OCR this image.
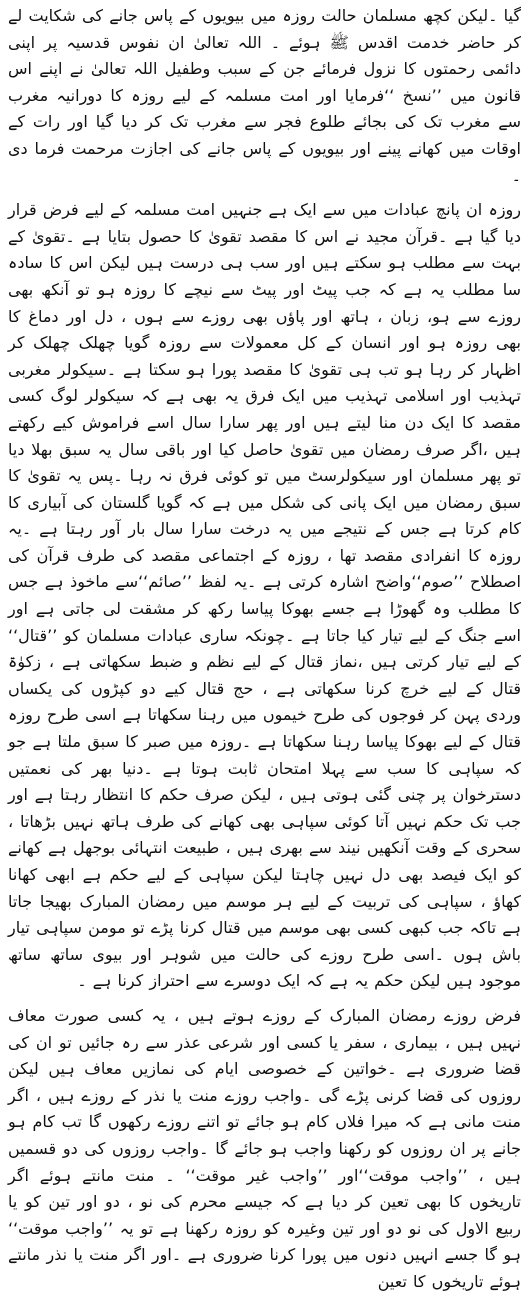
گیا ۔لیکن کچھ مسلمان حالت روزہ میں بیویوں کے پاس جانے کی شکایت لے کر حاضر خدمت اقدس ﷺ ہوئے ۔ اللہ تعالیٰ ان نفوس قدسیہ پر اپنی دائمی رحمتوں کا نزول فرمائے جن کے سبب وطفیل اللہ تعالیٰ نے اپنے اس قانون میں ’’نسخ ‘‘فرمایا اور امت مسلمہ کے لیے روزہ کا دورانیہ مغرب سے مغرب تک کی بجائے طلوع فجر سے مغرب تک کر دیا گیا اور رات کے اوقات میں کھانے پینے اور بیویوں کے پاس جانے کی اجازت مرحمت فرما دی ۔

روزہ ان پانچ عبادات میں سے ایک ہے جنہیں امت مسلمہ کے لیے فرض قرار دیا گیا ہے ۔قرآن مجید نے اس کا مقصد تقویٰ کا حصول بتایا ہے ۔تقویٰ کے بہت سے مطلب ہو سکتے ہیں اور سب ہی درست ہیں لیکن اس کا سادہ سا مطلب یہ ہے کہ جب پیٹ اور پیٹ سے نیچے کا روزہ ہو تو آنکھ بھی روزے سے ہو، زبان ، ہاتھ اور پاؤں بھی روزے سے ہوں ، دل اور دماغ کا بھی روزہ ہو اور انسان کے کل معمولات سے روزہ گویا چھلک چھلک کر اظہار کر رہا ہو تب ہی تقویٰ کا مقصد پورا ہو سکتا ہے ۔سیکولر مغربی تہذیب اور اسلامی تہذیب میں ایک فرق یہ بھی ہے کہ سیکولر لوگ کسی مقصد کا ایک دن منا لیتے ہیں اور پھر سارا سال اسے فراموش کیے رکھتے ہیں ،اگر صرف رمضان میں تقویٰ حاصل کیا اور باقی سال یہ سبق بھلا دیا تو پھر مسلمان اور سیکولرسٹ میں تو کوئی فرق نہ رہا ۔پس یہ تقویٰ کا سبق رمضان میں ایک پانی کی شکل میں ہے کہ گویا گلستان کی آبیاری کا کام کرتا ہے جس کے نتیجے میں یہ درخت سارا سال بار آور رہتا ہے ۔یہ روزہ کا انفرادی مقصد تھا ، روزہ کے اجتماعی مقصد کی طرف قرآن کی اصطلاح ’’صوم‘‘واضح اشارہ کرتی ہے ۔یہ لفظ ’’صائم‘‘سے ماخوذ ہے جس کا مطلب وہ گھوڑا ہے جسے بھوکا پیاسا رکھ کر مشقت لی جاتی ہے اور اسے جنگ کے لیے تیار کیا جاتا ہے ۔چونکہ ساری عبادات مسلمان کو ’’قتال‘‘ کے لیے تیار کرتی ہیں ،نماز قتال کے لیے نظم و ضبط سکھاتی ہے ، زکوٰۃ قتال کے لیے خرچ کرنا سکھاتی ہے ، حج قتال کیے دو کپڑوں کی یکساں وردی پہن کر فوجوں کی طرح خیموں میں رہنا سکھاتا ہے اسی طرح روزہ قتال کے لیے بھوکا پیاسا رہنا سکھاتا ہے ۔روزہ میں صبر کا سبق ملتا ہے جو کہ سپاہی کا سب سے پہلا امتحان ثابت ہوتا ہے ۔دنیا بھر کی نعمتیں دسترخوان پر چنی گئی ہوتی ہیں ، لیکن صرف حکم کا انتظار رہتا ہے اور جب تک حکم نہیں آتا کوئی سپاہی بھی کھانے کی طرف ہاتھ نہیں بڑھاتا ، سحری کے وقت آنکھیں نیند سے بھری ہیں ، طبیعت انتہائی بوجھل ہے کھانے کو ایک فیصد بھی دل نہیں چاہتا لیکن سپاہی کے لیے حکم ہے ابھی کھانا کھاؤ ، سپاہی کی تربیت کے لیے ہر موسم میں رمضان المبارک بھیجا جاتا ہے تاکہ جب کبھی کسی بھی موسم میں قتال کرنا پڑے تو مومن سپاہی تیار باش ہوں ۔اسی طرح روزے کی حالت میں شوہر اور بیوی ساتھ ساتھ موجود ہیں لیکن حکم یہ ہے کہ ایک دوسرے سے احتراز کرنا ہے ۔

فرض روزے رمضان المبارک کے روزے ہوتے ہیں ، یہ کسی صورت معاف نہیں ہیں ، بیماری ، سفر یا کسی اور شرعی عذر سے رہ جائیں تو ان کی قضا ضروری ہے ۔خواتین کے خصوصی ایام کی نمازیں معاف ہیں لیکن روزوں کی قضا کرنی پڑے گی ۔واجب روزے منت یا نذر کے روزے ہیں ، اگر منت مانی ہے کہ میرا فلاں کام ہو جائے تو اتنے روزے رکھوں گا تب کام ہو جانے پر ان روزوں کو رکھنا واجب ہو جائے گا ۔واجب روزوں کی دو قسمیں ہیں ، ’’واجب موقت‘‘اور ’’واجب غیر موقت‘‘ ۔ منت مانتے ہوئے اگر تاریخوں کا بھی تعین کر دیا ہے کہ جیسے محرم کی نو ، دو اور تین کو یا ربیع الاول کی نو دو اور تین وغیرہ کو روزہ رکھنا ہے تو یہ ’’واجب موقت‘‘ ہو گا جسے انہیں دنوں میں پورا کرنا ضروری ہے ۔اور اگر منت یا نذر مانتے ہوئے تاریخوں کا تعین
